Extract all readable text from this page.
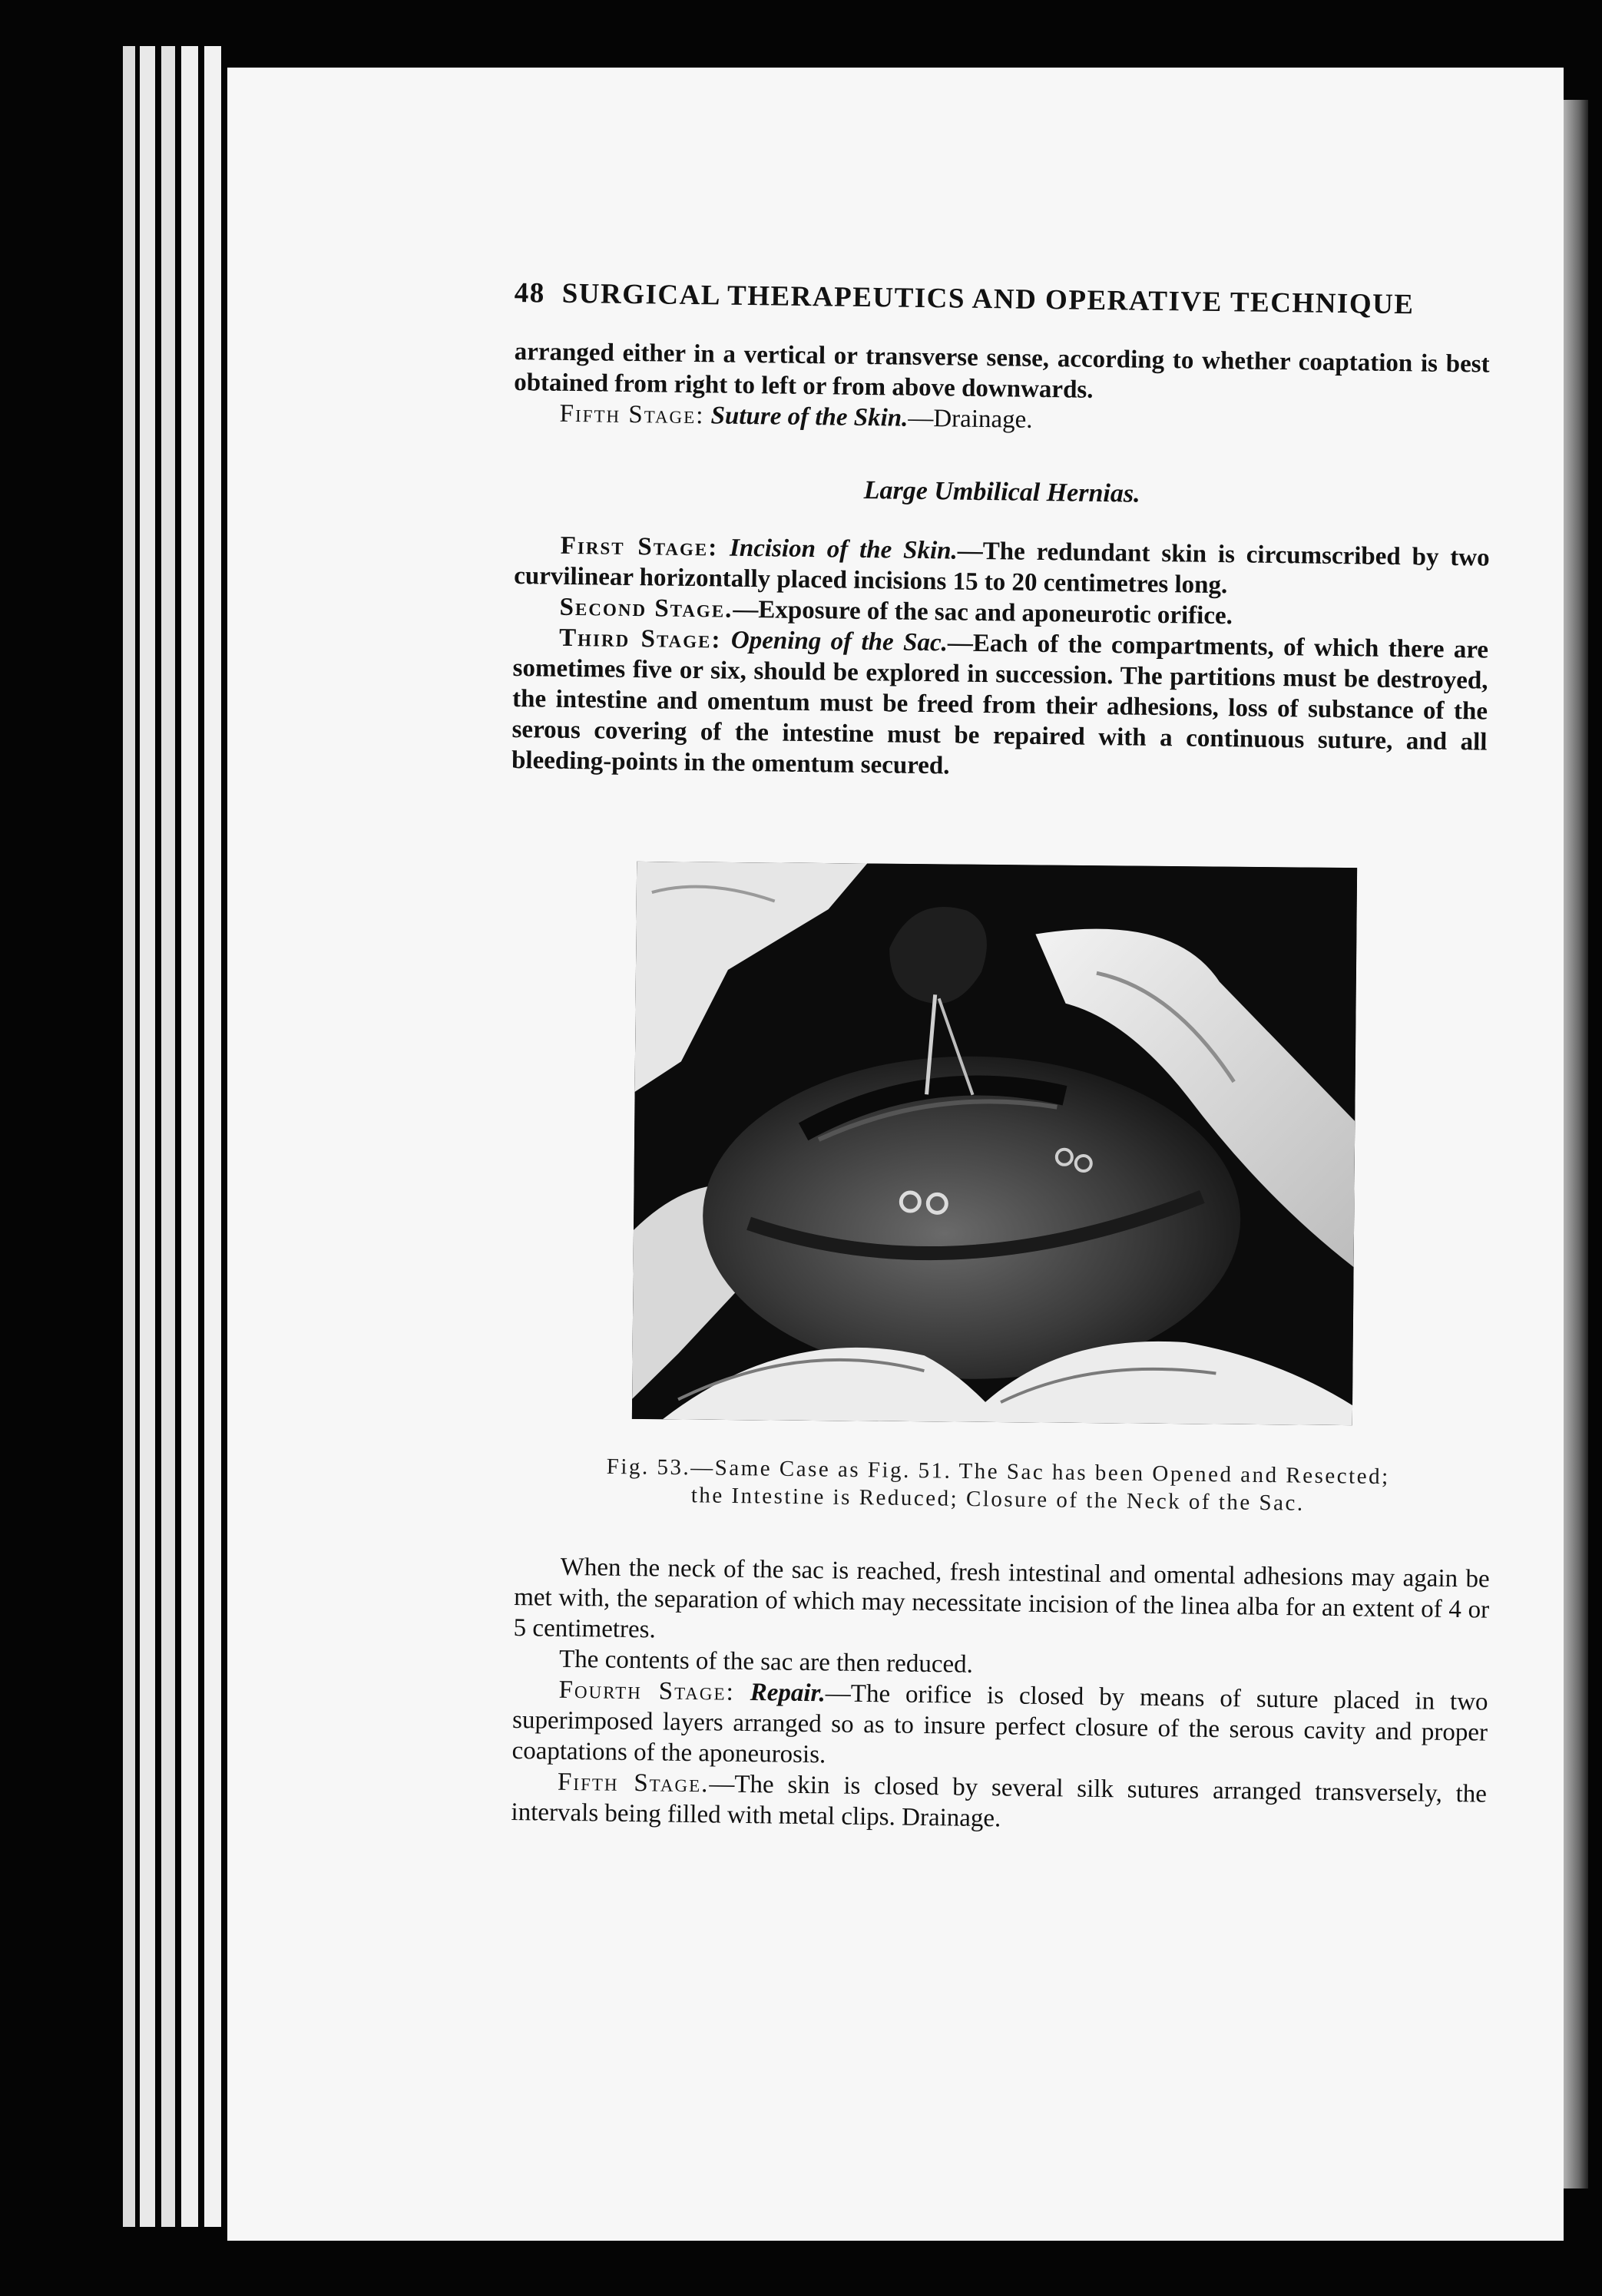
48 SURGICAL THERAPEUTICS AND OPERATIVE TECHNIQUE

arranged either in a vertical or transverse sense, according to whether coaptation is best obtained from right to left or from above downwards.

Fifth Stage: Suture of the Skin.—Drainage.

Large Umbilical Hernias.

First Stage: Incision of the Skin.—The redundant skin is circumscribed by two curvilinear horizontally placed incisions 15 to 20 centimetres long.

Second Stage.—Exposure of the sac and aponeurotic orifice.

Third Stage: Opening of the Sac.—Each of the compartments, of which there are sometimes five or six, should be explored in succession. The partitions must be destroyed, the intestine and omentum must be freed from their adhesions, loss of substance of the serous covering of the intestine must be repaired with a continuous suture, and all bleeding-points in the omentum secured.

Fig. 53.—Same Case as Fig. 51. The Sac has been Opened and Resected;
the Intestine is Reduced; Closure of the Neck of the Sac.

When the neck of the sac is reached, fresh intestinal and omental adhesions may again be met with, the separation of which may necessitate incision of the linea alba for an extent of 4 or 5 centimetres.

The contents of the sac are then reduced.

Fourth Stage: Repair.—The orifice is closed by means of suture placed in two superimposed layers arranged so as to insure perfect closure of the serous cavity and proper coaptations of the aponeurosis.

Fifth Stage.—The skin is closed by several silk sutures arranged transversely, the intervals being filled with metal clips. Drainage.
